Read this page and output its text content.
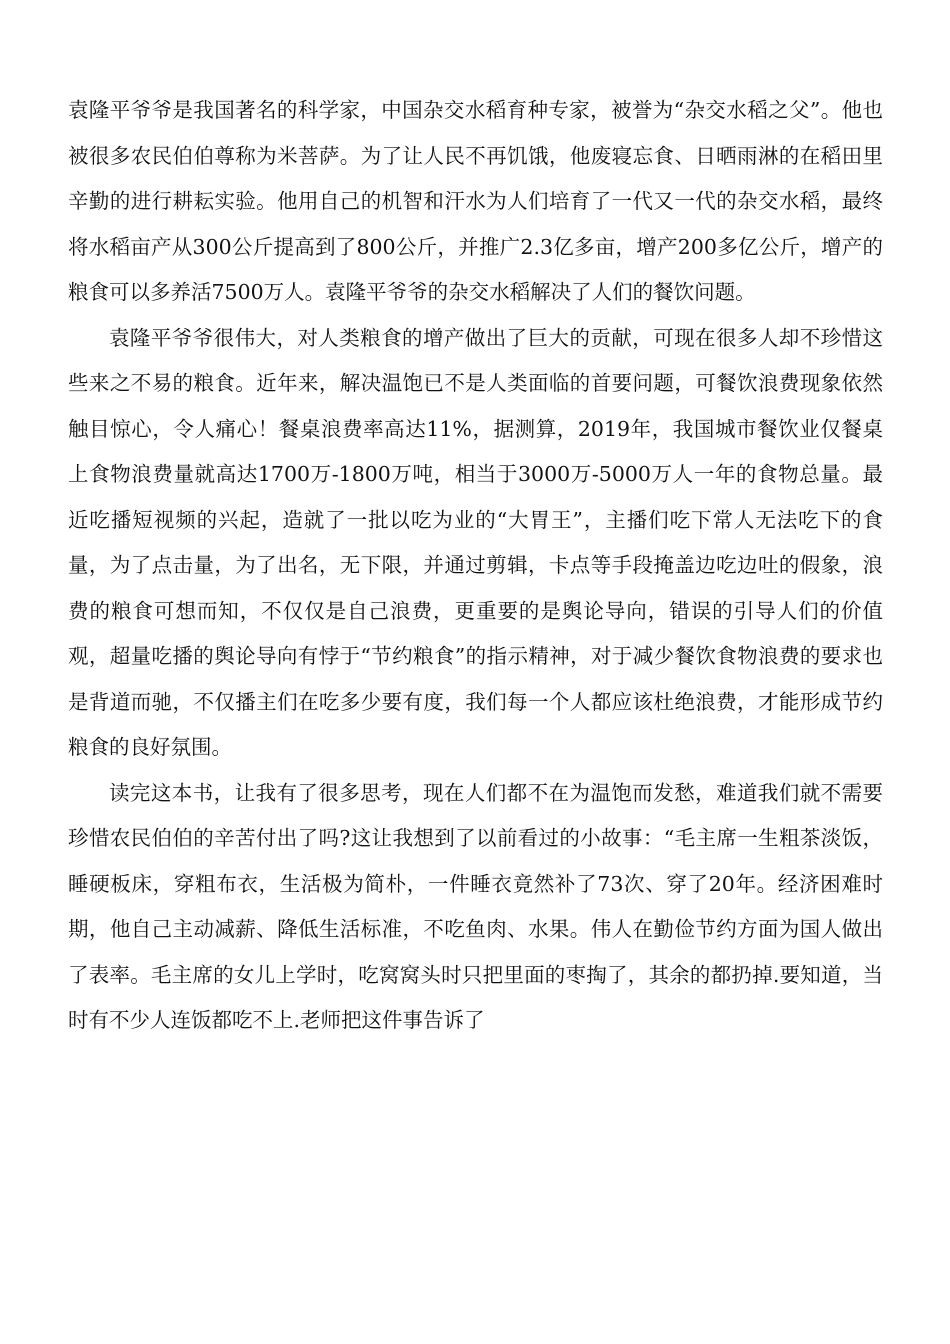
袁隆平爷爷是我国著名的科学家，中国杂交水稻育种专家，被誉为“杂交水稻之父”。他也被很多农民伯伯尊称为米菩萨。为了让人民不再饥饿，他废寝忘食、日晒雨淋的在稻田里辛勤的进行耕耘实验。他用自己的机智和汗水为人们培育了一代又一代的杂交水稻，最终将水稻亩产从300公斤提高到了800公斤，并推广2.3亿多亩，增产200多亿公斤，增产的粮食可以多养活7500万人。袁隆平爷爷的杂交水稻解决了人们的餐饮问题。

袁隆平爷爷很伟大，对人类粮食的增产做出了巨大的贡献，可现在很多人却不珍惜这些来之不易的粮食。近年来，解决温饱已不是人类面临的首要问题，可餐饮浪费现象依然触目惊心，令人痛心！餐桌浪费率高达11%，据测算，2019年，我国城市餐饮业仅餐桌上食物浪费量就高达1700万-1800万吨，相当于3000万-5000万人一年的食物总量。最近吃播短视频的兴起，造就了一批以吃为业的“大胃王”，主播们吃下常人无法吃下的食量，为了点击量，为了出名，无下限，并通过剪辑，卡点等手段掩盖边吃边吐的假象，浪费的粮食可想而知，不仅仅是自己浪费，更重要的是舆论导向，错误的引导人们的价值观，超量吃播的舆论导向有悖于“节约粮食”的指示精神，对于减少餐饮食物浪费的要求也是背道而驰，不仅播主们在吃多少要有度，我们每一个人都应该杜绝浪费，才能形成节约粮食的良好氛围。

读完这本书，让我有了很多思考，现在人们都不在为温饱而发愁，难道我们就不需要珍惜农民伯伯的辛苦付出了吗?这让我想到了以前看过的小故事：“毛主席一生粗茶淡饭，睡硬板床，穿粗布衣，生活极为简朴，一件睡衣竟然补了73次、穿了20年。经济困难时期，他自己主动减薪、降低生活标准，不吃鱼肉、水果。伟人在勤俭节约方面为国人做出了表率。毛主席的女儿上学时，吃窝窝头时只把里面的枣掏了，其余的都扔掉.要知道，当时有不少人连饭都吃不上.老师把这件事告诉了
